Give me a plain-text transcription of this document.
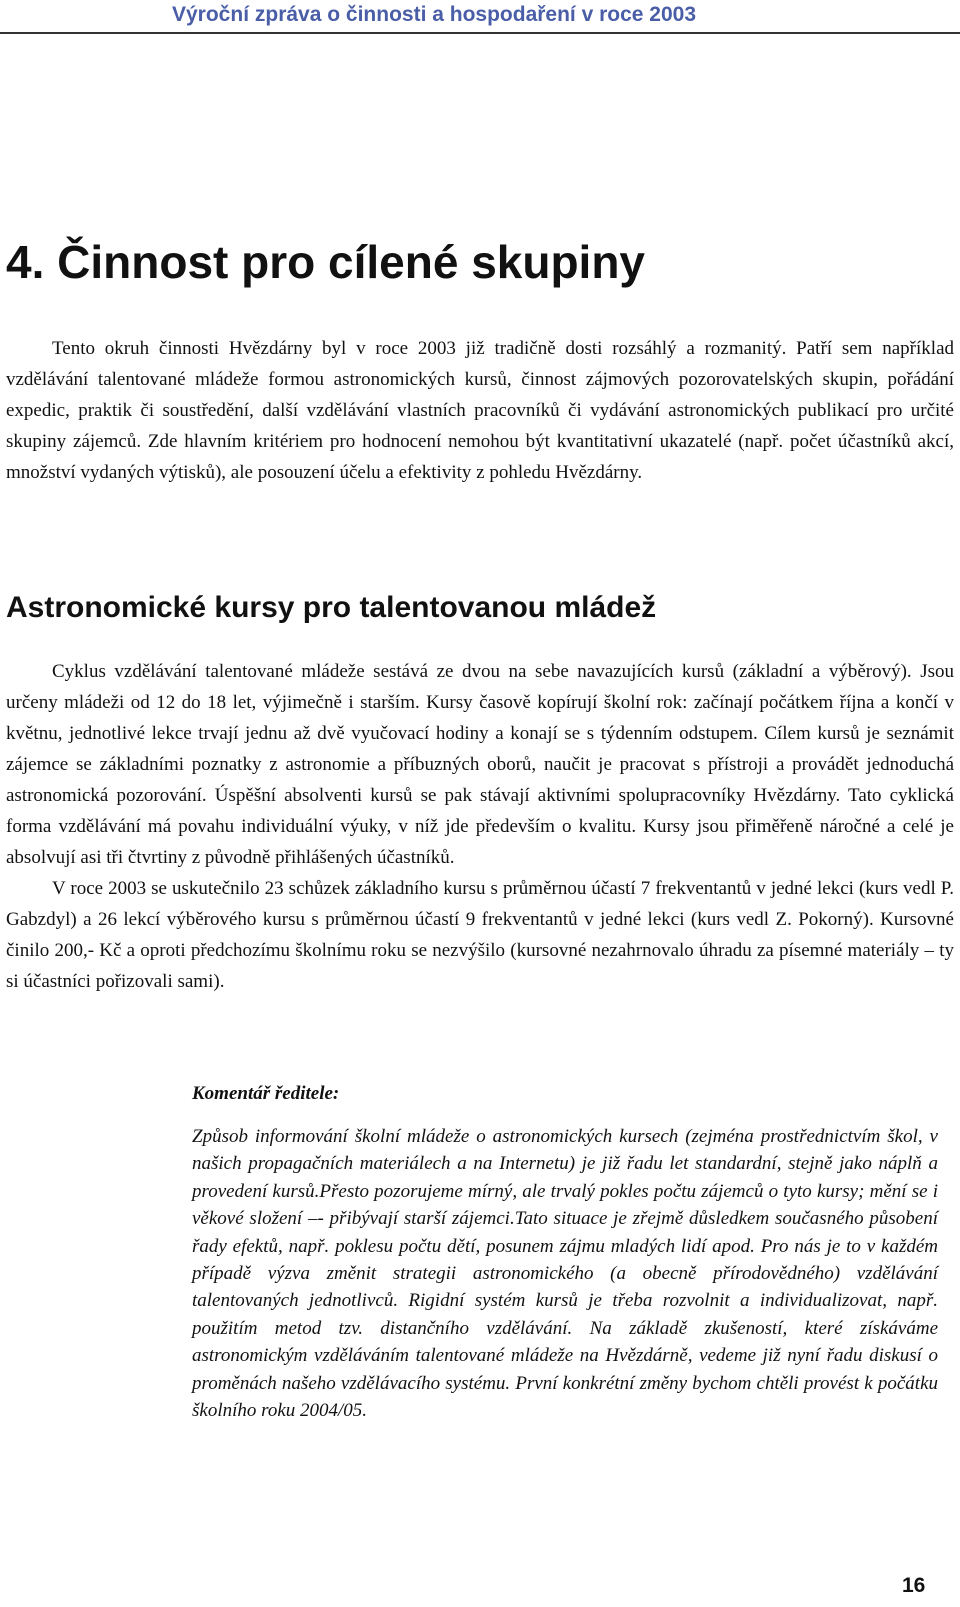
Výroční zpráva o činnosti a hospodaření v roce 2003
4. Činnost pro cílené skupiny

Tento okruh činnosti Hvězdárny byl v roce 2003 již tradičně dosti rozsáhlý a rozmanitý. Patří sem například vzdělávání talentované mládeže formou astronomických kursů, činnost zájmových pozorovatelských skupin, pořádání expedic, praktik či soustředění, další vzdělávání vlastních pracovníků či vydávání astronomických publikací pro určité skupiny zájemců. Zde hlavním kritériem pro hodnocení nemohou být kvantitativní ukazatelé (např. počet účastníků akcí, množství vydaných výtisků), ale posouzení účelu a efektivity z pohledu Hvězdárny.

Astronomické kursy pro talentovanou mládež

Cyklus vzdělávání talentované mládeže sestává ze dvou na sebe navazujících kursů (základní a výběrový). Jsou určeny mládeži od 12 do 18 let, výjimečně i starším. Kursy časově kopírují školní rok: začínají počátkem října a končí v květnu, jednotlivé lekce trvají jednu až dvě vyučovací hodiny a konají se s týdenním odstupem. Cílem kursů je seznámit zájemce se základními poznatky z astronomie a příbuzných oborů, naučit je pracovat s přístroji a provádět jednoduchá astronomická pozorování. Úspěšní absolventi kursů se pak stávají aktivními spolupracovníky Hvězdárny. Tato cyklická forma vzdělávání má povahu individuální výuky, v níž jde především o kvalitu. Kursy jsou přiměřeně náročné a celé je absolvují asi tři čtvrtiny z původně přihlášených účastníků.

V roce 2003 se uskutečnilo 23 schůzek základního kursu s průměrnou účastí 7 frekventantů v jedné lekci (kurs vedl P. Gabzdyl) a 26 lekcí výběrového kursu s průměrnou účastí 9 frekventantů v jedné lekci (kurs vedl Z. Pokorný). Kursovné činilo 200,- Kč a oproti předchozímu školnímu roku se nezvýšilo (kursovné nezahrnovalo úhradu za písemné materiály – ty si účastníci pořizovali sami).

Komentář ředitele:

Způsob informování školní mládeže o astronomických kursech (zejména prostřednictvím škol, v našich propagačních materiálech a na Internetu) je již řadu let standardní, stejně jako náplň a provedení kursů.Přesto pozorujeme mírný, ale trvalý pokles počtu zájemců o tyto kursy; mění se i věkové složení –- přibývají starší zájemci.Tato situace je zřejmě důsledkem současného působení řady efektů, např. poklesu počtu dětí, posunem zájmu mladých lidí apod. Pro nás je to v každém případě výzva změnit strategii astronomického (a obecně přírodovědného) vzdělávání talentovaných jednotlivců. Rigidní systém kursů je třeba rozvolnit a individualizovat, např. použitím metod tzv. distančního vzdělávání. Na základě zkušeností, které získáváme astronomickým vzděláváním talentované mládeže na Hvězdárně, vedeme již nyní řadu diskusí o proměnách našeho vzdělávacího systému. První konkrétní změny bychom chtěli provést k počátku školního roku 2004/05.

16
